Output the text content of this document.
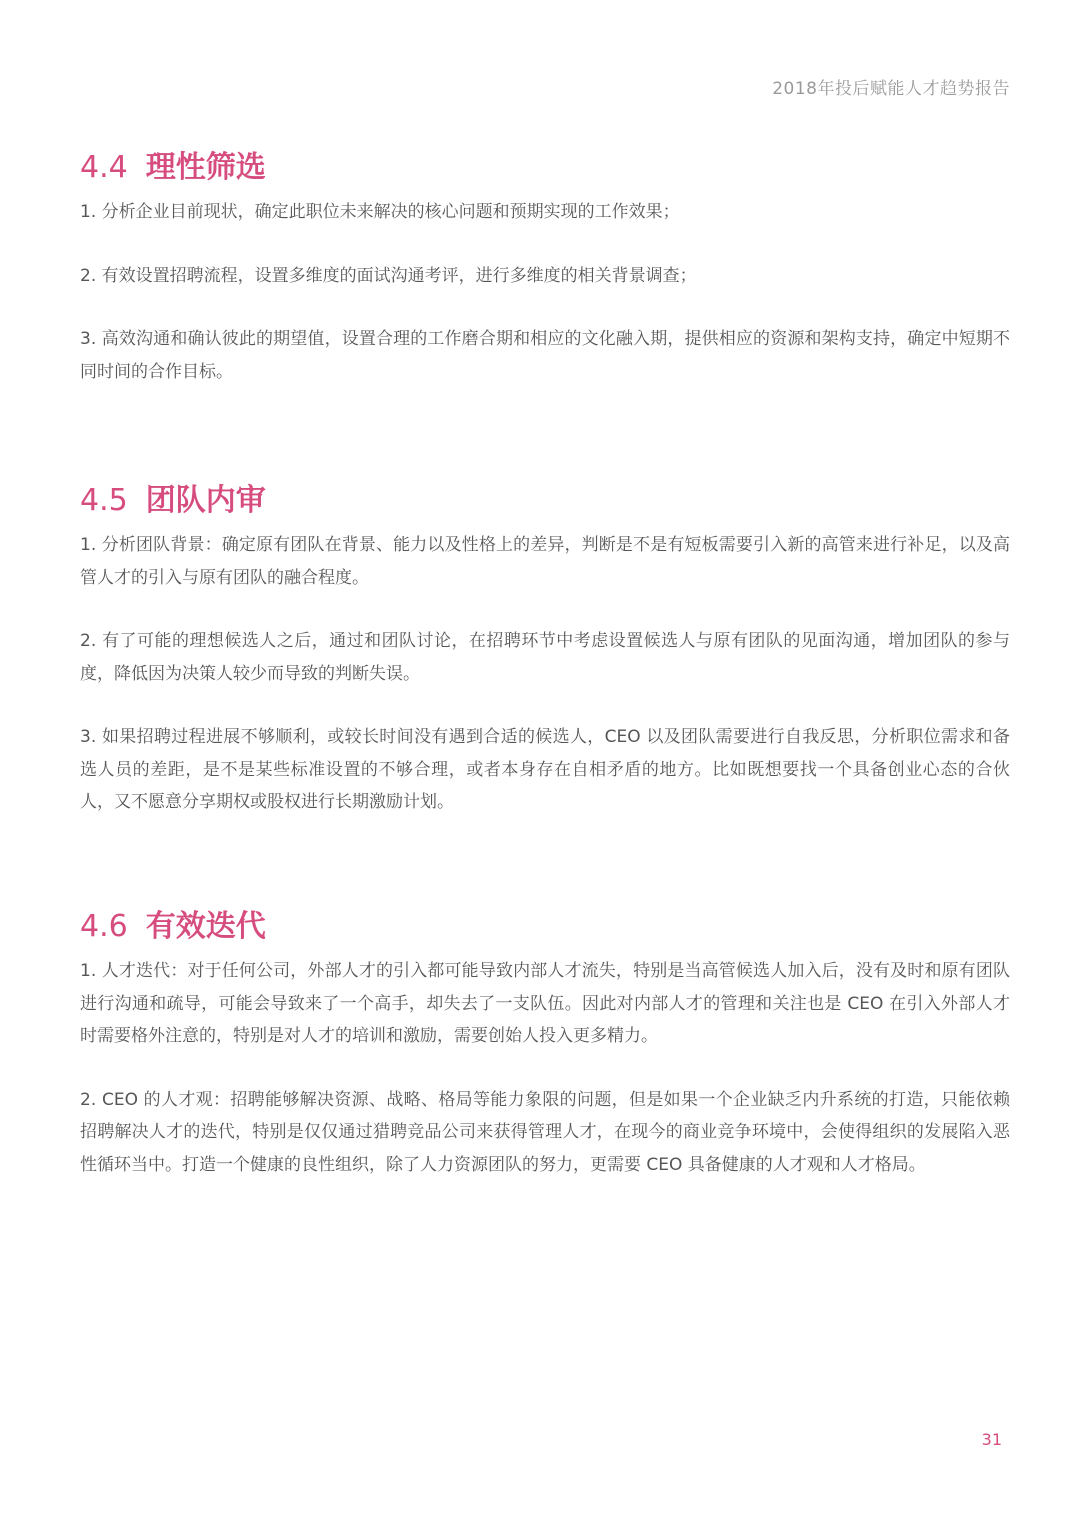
2018年投后赋能人才趋势报告
4.4 理性筛选

1. 分析企业目前现状，确定此职位未来解决的核心问题和预期实现的工作效果；

2. 有效设置招聘流程，设置多维度的面试沟通考评，进行多维度的相关背景调查；

3. 高效沟通和确认彼此的期望值，设置合理的工作磨合期和相应的文化融入期，提供相应的资源和架构支持，确定中短期不同时间的合作目标。

4.5 团队内审

1. 分析团队背景：确定原有团队在背景、能力以及性格上的差异，判断是不是有短板需要引入新的高管来进行补足，以及高管人才的引入与原有团队的融合程度。

2. 有了可能的理想候选人之后，通过和团队讨论，在招聘环节中考虑设置候选人与原有团队的见面沟通，增加团队的参与度，降低因为决策人较少而导致的判断失误。

3. 如果招聘过程进展不够顺利，或较长时间没有遇到合适的候选人，CEO 以及团队需要进行自我反思，分析职位需求和备选人员的差距，是不是某些标准设置的不够合理，或者本身存在自相矛盾的地方。比如既想要找一个具备创业心态的合伙人，又不愿意分享期权或股权进行长期激励计划。

4.6 有效迭代

1. 人才迭代：对于任何公司，外部人才的引入都可能导致内部人才流失，特别是当高管候选人加入后，没有及时和原有团队进行沟通和疏导，可能会导致来了一个高手，却失去了一支队伍。因此对内部人才的管理和关注也是 CEO 在引入外部人才时需要格外注意的，特别是对人才的培训和激励，需要创始人投入更多精力。

2. CEO 的人才观：招聘能够解决资源、战略、格局等能力象限的问题，但是如果一个企业缺乏内升系统的打造，只能依赖招聘解决人才的迭代，特别是仅仅通过猎聘竞品公司来获得管理人才，在现今的商业竞争环境中，会使得组织的发展陷入恶性循环当中。打造一个健康的良性组织，除了人力资源团队的努力，更需要 CEO 具备健康的人才观和人才格局。

31
